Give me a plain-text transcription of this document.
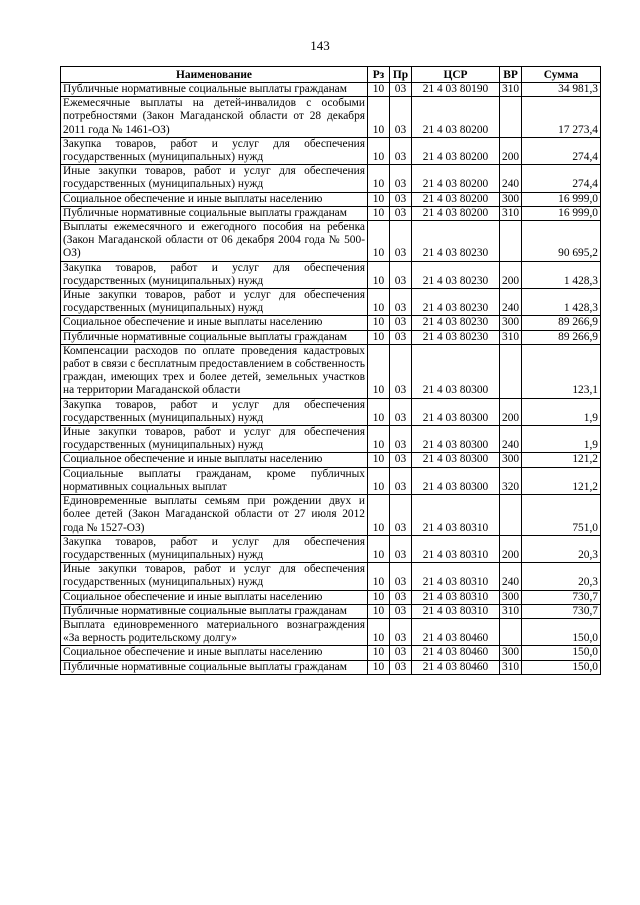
143
Наименование	Рз	Пр	ЦСР	ВР	Сумма
Публичные нормативные социальные выплаты гражданам	10	03	21 4 03 80190	310	34 981,3
Ежемесячные выплаты на детей-инвалидов с особыми потребностями (Закон Магаданской области от 28 декабря 2011 года № 1461-ОЗ)	10	03	21 4 03 80200		17 273,4
Закупка товаров, работ и услуг для обеспечения государственных (муниципальных) нужд	10	03	21 4 03 80200	200	274,4
Иные закупки товаров, работ и услуг для обеспечения государственных (муниципальных) нужд	10	03	21 4 03 80200	240	274,4
Социальное обеспечение и иные выплаты населению	10	03	21 4 03 80200	300	16 999,0
Публичные нормативные социальные выплаты гражданам	10	03	21 4 03 80200	310	16 999,0
Выплаты ежемесячного и ежегодного пособия на ребенка (Закон Магаданской области от 06 декабря 2004 года № 500-ОЗ)	10	03	21 4 03 80230		90 695,2
Закупка товаров, работ и услуг для обеспечения государственных (муниципальных) нужд	10	03	21 4 03 80230	200	1 428,3
Иные закупки товаров, работ и услуг для обеспечения государственных (муниципальных) нужд	10	03	21 4 03 80230	240	1 428,3
Социальное обеспечение и иные выплаты населению	10	03	21 4 03 80230	300	89 266,9
Публичные нормативные социальные выплаты гражданам	10	03	21 4 03 80230	310	89 266,9
Компенсации расходов по оплате проведения кадастровых работ в связи с бесплатным предоставлением в собственность граждан, имеющих трех и более детей, земельных участков на территории Магаданской области	10	03	21 4 03 80300		123,1
Закупка товаров, работ и услуг для обеспечения государственных (муниципальных) нужд	10	03	21 4 03 80300	200	1,9
Иные закупки товаров, работ и услуг для обеспечения государственных (муниципальных) нужд	10	03	21 4 03 80300	240	1,9
Социальное обеспечение и иные выплаты населению	10	03	21 4 03 80300	300	121,2
Социальные выплаты гражданам, кроме публичных нормативных социальных выплат	10	03	21 4 03 80300	320	121,2
Единовременные выплаты семьям при рождении двух и более детей (Закон Магаданской области от 27 июля 2012 года № 1527-ОЗ)	10	03	21 4 03 80310		751,0
Закупка товаров, работ и услуг для обеспечения государственных (муниципальных) нужд	10	03	21 4 03 80310	200	20,3
Иные закупки товаров, работ и услуг для обеспечения государственных (муниципальных) нужд	10	03	21 4 03 80310	240	20,3
Социальное обеспечение и иные выплаты населению	10	03	21 4 03 80310	300	730,7
Публичные нормативные социальные выплаты гражданам	10	03	21 4 03 80310	310	730,7
Выплата единовременного материального вознаграждения «За верность родительскому долгу»	10	03	21 4 03 80460		150,0
Социальное обеспечение и иные выплаты населению	10	03	21 4 03 80460	300	150,0
Публичные нормативные социальные выплаты гражданам	10	03	21 4 03 80460	310	150,0
